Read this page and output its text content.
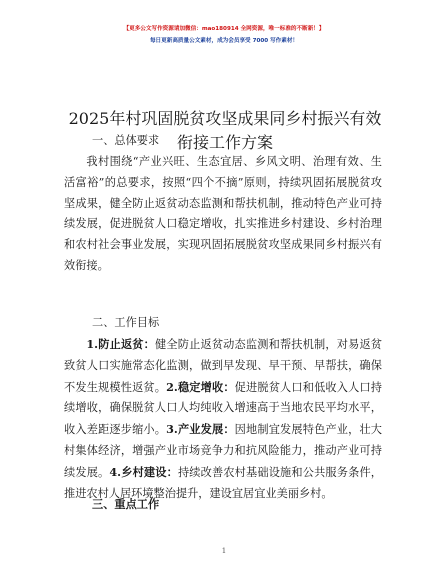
【更多公文写作资源请加微信：mao180914 全网资源，唯一标准的不断新！】
每日更新高质量公文素材，成为会员享受 7000 写作素材！
2025年村巩固脱贫攻坚成果同乡村振兴有效衔接工作方案
一、总体要求

我村围绕“产业兴旺、生态宜居、乡风文明、治理有效、生活富裕”的总要求，按照“四个不摘”原则，持续巩固拓展脱贫攻坚成果，健全防止返贫动态监测和帮扶机制，推动特色产业可持续发展，促进脱贫人口稳定增收，扎实推进乡村建设、乡村治理和农村社会事业发展，实现巩固拓展脱贫攻坚成果同乡村振兴有效衔接。

二、工作目标

1.防止返贫：健全防止返贫动态监测和帮扶机制，对易返贫致贫人口实施常态化监测，做到早发现、早干预、早帮扶，确保不发生规模性返贫。2.稳定增收：促进脱贫人口和低收入人口持续增收，确保脱贫人口人均纯收入增速高于当地农民平均水平，收入差距逐步缩小。3.产业发展：因地制宜发展特色产业，壮大村集体经济，增强产业市场竞争力和抗风险能力，推动产业可持续发展。4.乡村建设：持续改善农村基础设施和公共服务条件，推进农村人居环境整治提升，建设宜居宜业美丽乡村。

三、重点工作
1
